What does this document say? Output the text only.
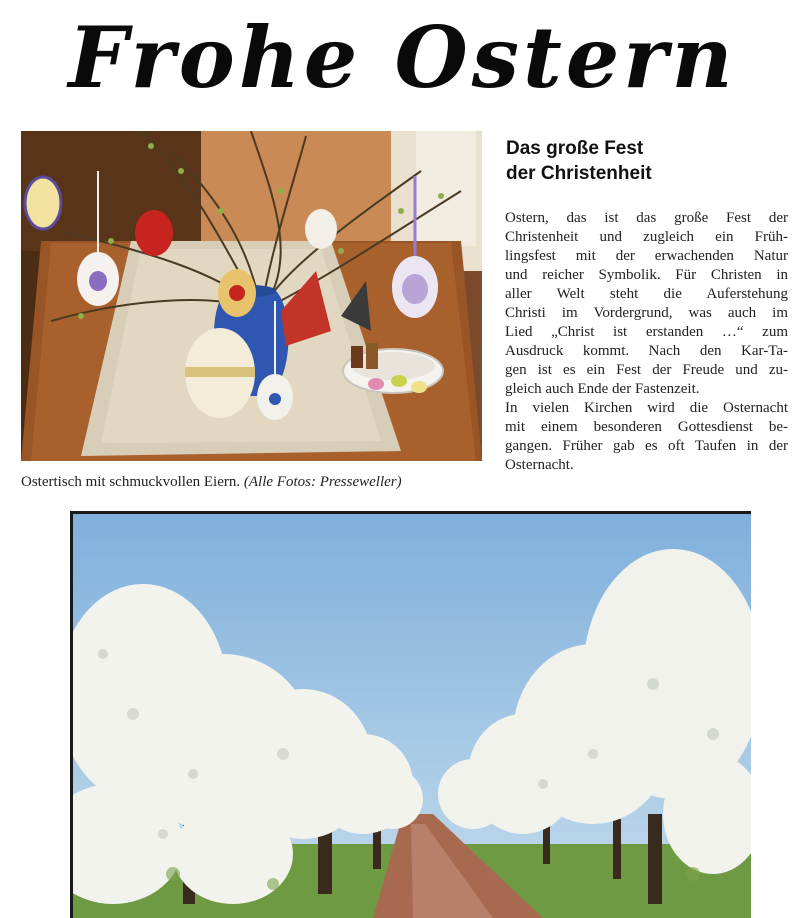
Frohe Ostern
Ostertisch mit schmuckvollen Eiern. (Alle Fotos: Presseweller)
Das große Fest
der Christenheit
Ostern, das ist das große Fest der
Christenheit und zugleich ein Früh-
lingsfest mit der erwachenden Natur
und reicher Symbolik. Für Christen in
aller Welt steht die Auferstehung
Christi im Vordergrund, was auch im
Lied „Christ ist erstanden …“ zum
Ausdruck kommt. Nach den Kar-Ta-
gen ist es ein Fest der Freude und zu-
gleich auch Ende der Fastenzeit.
In vielen Kirchen wird die Osternacht
mit einem besonderen Gottesdienst be-
gangen. Früher gab es oft Taufen in der
Osternacht.
